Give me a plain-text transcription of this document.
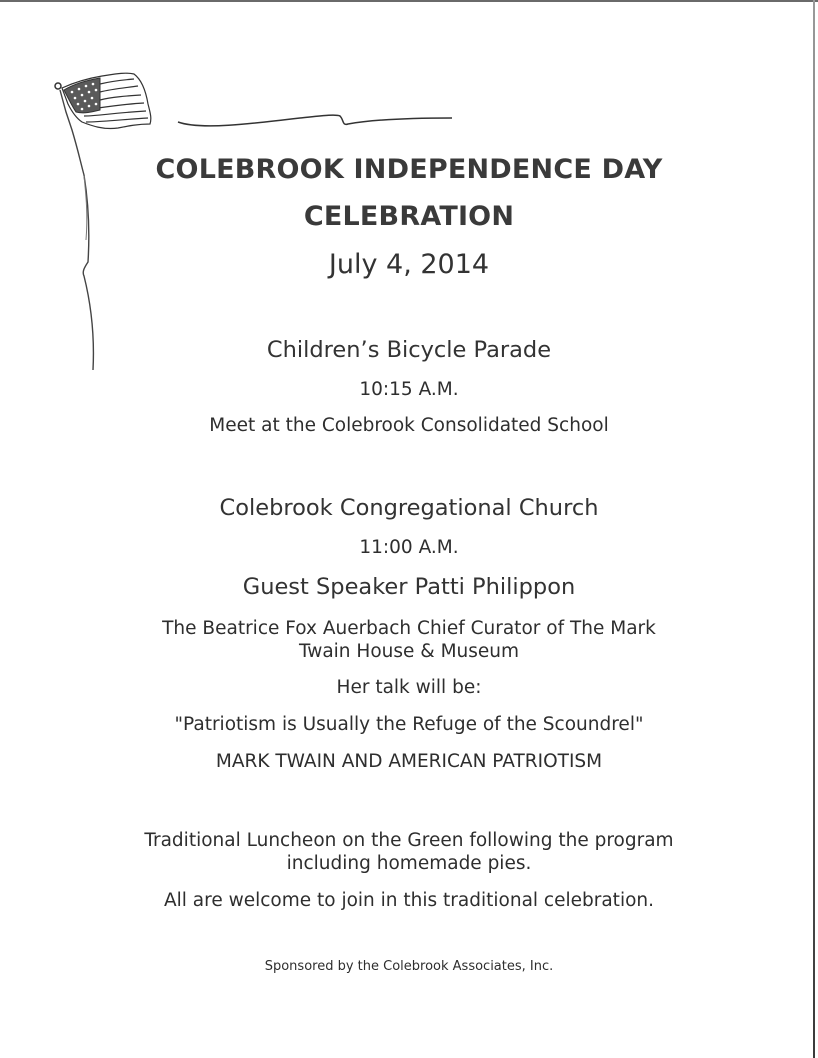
COLEBROOK INDEPENDENCE DAY
CELEBRATION
July 4, 2014
Children’s Bicycle Parade
10:15 A.M.
Meet at the Colebrook Consolidated School
Colebrook Congregational Church
11:00 A.M.
Guest Speaker Patti Philippon
The Beatrice Fox Auerbach Chief Curator of The Mark
Twain House & Museum
Her talk will be:
"Patriotism is Usually the Refuge of the Scoundrel"
MARK TWAIN AND AMERICAN PATRIOTISM
Traditional Luncheon on the Green following the program
including homemade pies.
All are welcome to join in this traditional celebration.
Sponsored by the Colebrook Associates, Inc.
